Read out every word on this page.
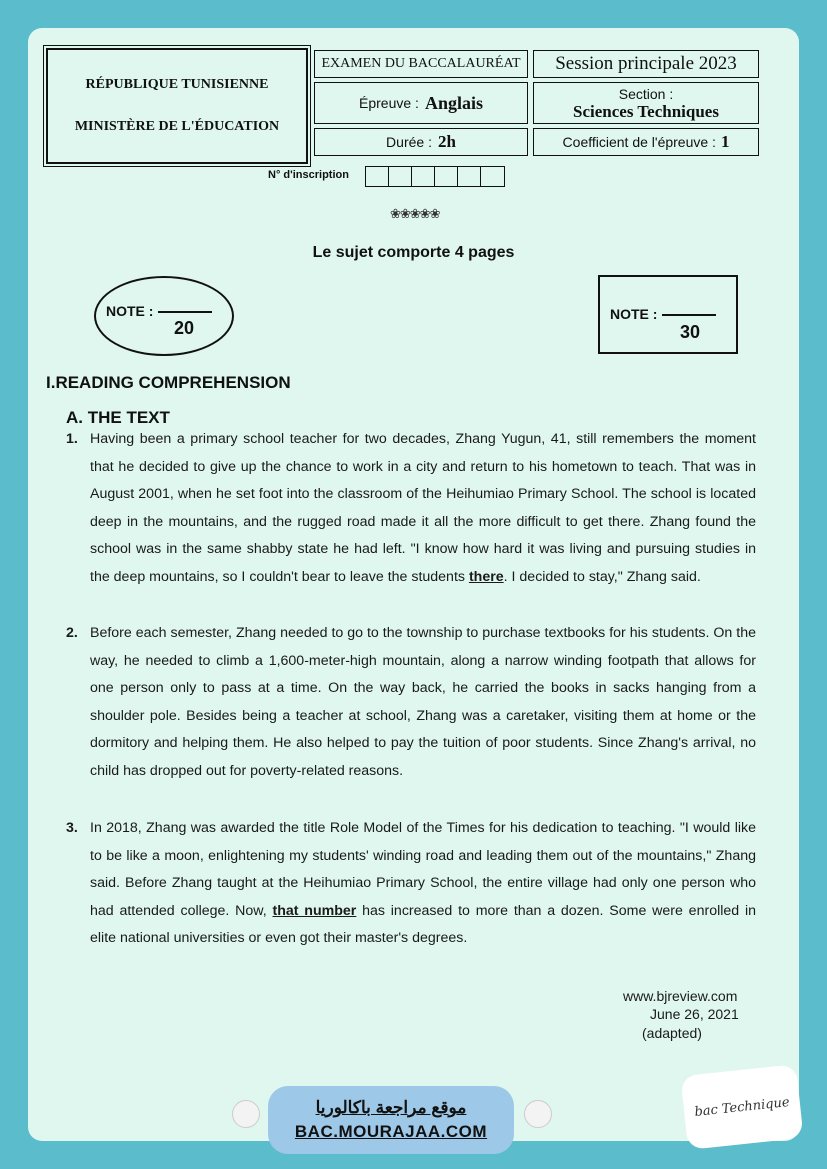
RÉPUBLIQUE TUNISIENNE
MINISTÈRE DE L'ÉDUCATION
EXAMEN DU BACCALAURÉAT Session principale 2023
Épreuve : Anglais	Section :
Sciences Techniques
Durée : 2h	Coefficient de l'épreuve : 1
N° d'inscription
❀❀❀❀❀
Le sujet comporte 4 pages
NOTE :
20
NOTE :
30
I.READING COMPREHENSION
A. THE TEXT
1. Having been a primary school teacher for two decades, Zhang Yugun, 41, still remembers the moment that he decided to give up the chance to work in a city and return to his hometown to teach. That was in August 2001, when he set foot into the classroom of the Heihumiao Primary School. The school is located deep in the mountains, and the rugged road made it all the more difficult to get there. Zhang found the school was in the same shabby state he had left. "I know how hard it was living and pursuing studies in the deep mountains, so I couldn't bear to leave the students there. I decided to stay," Zhang said.
2. Before each semester, Zhang needed to go to the township to purchase textbooks for his students. On the way, he needed to climb a 1,600-meter-high mountain, along a narrow winding footpath that allows for one person only to pass at a time. On the way back, he carried the books in sacks hanging from a shoulder pole. Besides being a teacher at school, Zhang was a caretaker, visiting them at home or the dormitory and helping them. He also helped to pay the tuition of poor students. Since Zhang's arrival, no child has dropped out for poverty-related reasons.
3. In 2018, Zhang was awarded the title Role Model of the Times for his dedication to teaching. "I would like to be like a moon, enlightening my students' winding road and leading them out of the mountains," Zhang said. Before Zhang taught at the Heihumiao Primary School, the entire village had only one person who had attended college. Now, that number has increased to more than a dozen. Some were enrolled in elite national universities or even got their master's degrees.
www.bjreview.com
June 26, 2021
(adapted)
موقع مراجعة باكالوريا
BAC.MOURAJAA.COM
bac Technique
